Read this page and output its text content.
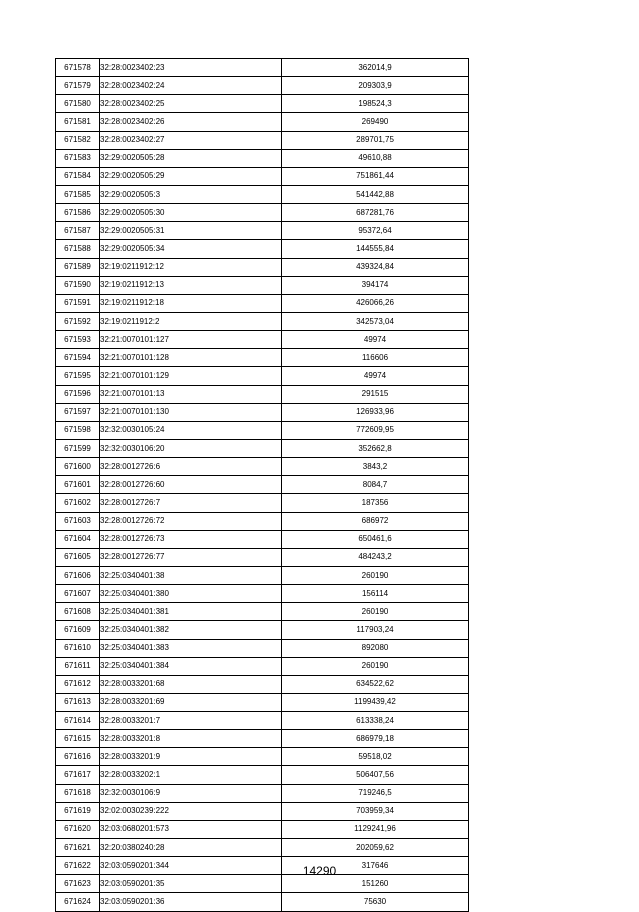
671578	32:28:0023402:23	362014,9
671579	32:28:0023402:24	209303,9
671580	32:28:0023402:25	198524,3
671581	32:28:0023402:26	269490
671582	32:28:0023402:27	289701,75
671583	32:29:0020505:28	49610,88
671584	32:29:0020505:29	751861,44
671585	32:29:0020505:3	541442,88
671586	32:29:0020505:30	687281,76
671587	32:29:0020505:31	95372,64
671588	32:29:0020505:34	144555,84
671589	32:19:0211912:12	439324,84
671590	32:19:0211912:13	394174
671591	32:19:0211912:18	426066,26
671592	32:19:0211912:2	342573,04
671593	32:21:0070101:127	49974
671594	32:21:0070101:128	116606
671595	32:21:0070101:129	49974
671596	32:21:0070101:13	291515
671597	32:21:0070101:130	126933,96
671598	32:32:0030105:24	772609,95
671599	32:32:0030106:20	352662,8
671600	32:28:0012726:6	3843,2
671601	32:28:0012726:60	8084,7
671602	32:28:0012726:7	187356
671603	32:28:0012726:72	686972
671604	32:28:0012726:73	650461,6
671605	32:28:0012726:77	484243,2
671606	32:25:0340401:38	260190
671607	32:25:0340401:380	156114
671608	32:25:0340401:381	260190
671609	32:25:0340401:382	117903,24
671610	32:25:0340401:383	892080
671611	32:25:0340401:384	260190
671612	32:28:0033201:68	634522,62
671613	32:28:0033201:69	1199439,42
671614	32:28:0033201:7	613338,24
671615	32:28:0033201:8	686979,18
671616	32:28:0033201:9	59518,02
671617	32:28:0033202:1	506407,56
671618	32:32:0030106:9	719246,5
671619	32:02:0030239:222	703959,34
671620	32:03:0680201:573	1129241,96
671621	32:20:0380240:28	202059,62
671622	32:03:0590201:344	317646
671623	32:03:0590201:35	151260
671624	32:03:0590201:36	75630
14290
